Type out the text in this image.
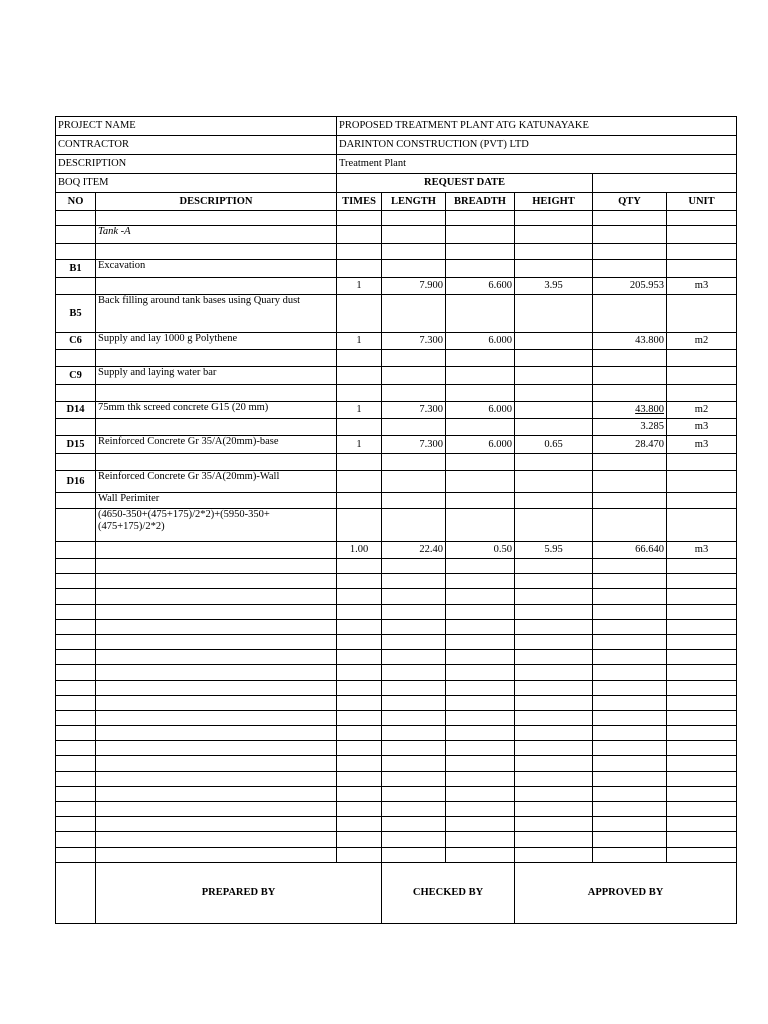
PROJECT NAME		PROPOSED TREATMENT PLANT ATG KATUNAYAKE					
CONTRACTOR		DARINTON CONSTRUCTION (PVT) LTD					
DESCRIPTION		Treatment Plant					
BOQ ITEM		REQUEST DATE					
NO	DESCRIPTION	TIMES	LENGTH	BREADTH	HEIGHT	QTY	UNIT

	Tank -A						

B1	Excavation						
		1	7.900	6.600	3.95	205.953	m3
B5	Back filling around tank bases using Quary dust						
C6	Supply and lay 1000 g Polythene	1	7.300	6.000		43.800	m2

C9	Supply and laying water bar						

D14	75mm thk screed concrete G15 (20 mm)	1	7.300	6.000		43.800	m2
						3.285	m3
D15	Reinforced Concrete Gr 35/A(20mm)-base	1	7.300	6.000	0.65	28.470	m3

D16	Reinforced Concrete Gr 35/A(20mm)-Wall						
	Wall Perimiter						
	(4650-350+(475+175)/2*2)+(5950-350+(475+175)/2*2)						
		1.00	22.40	0.50	5.95	66.640	m3

	PREPARED BY		CHECKED BY		APPROVED BY		
